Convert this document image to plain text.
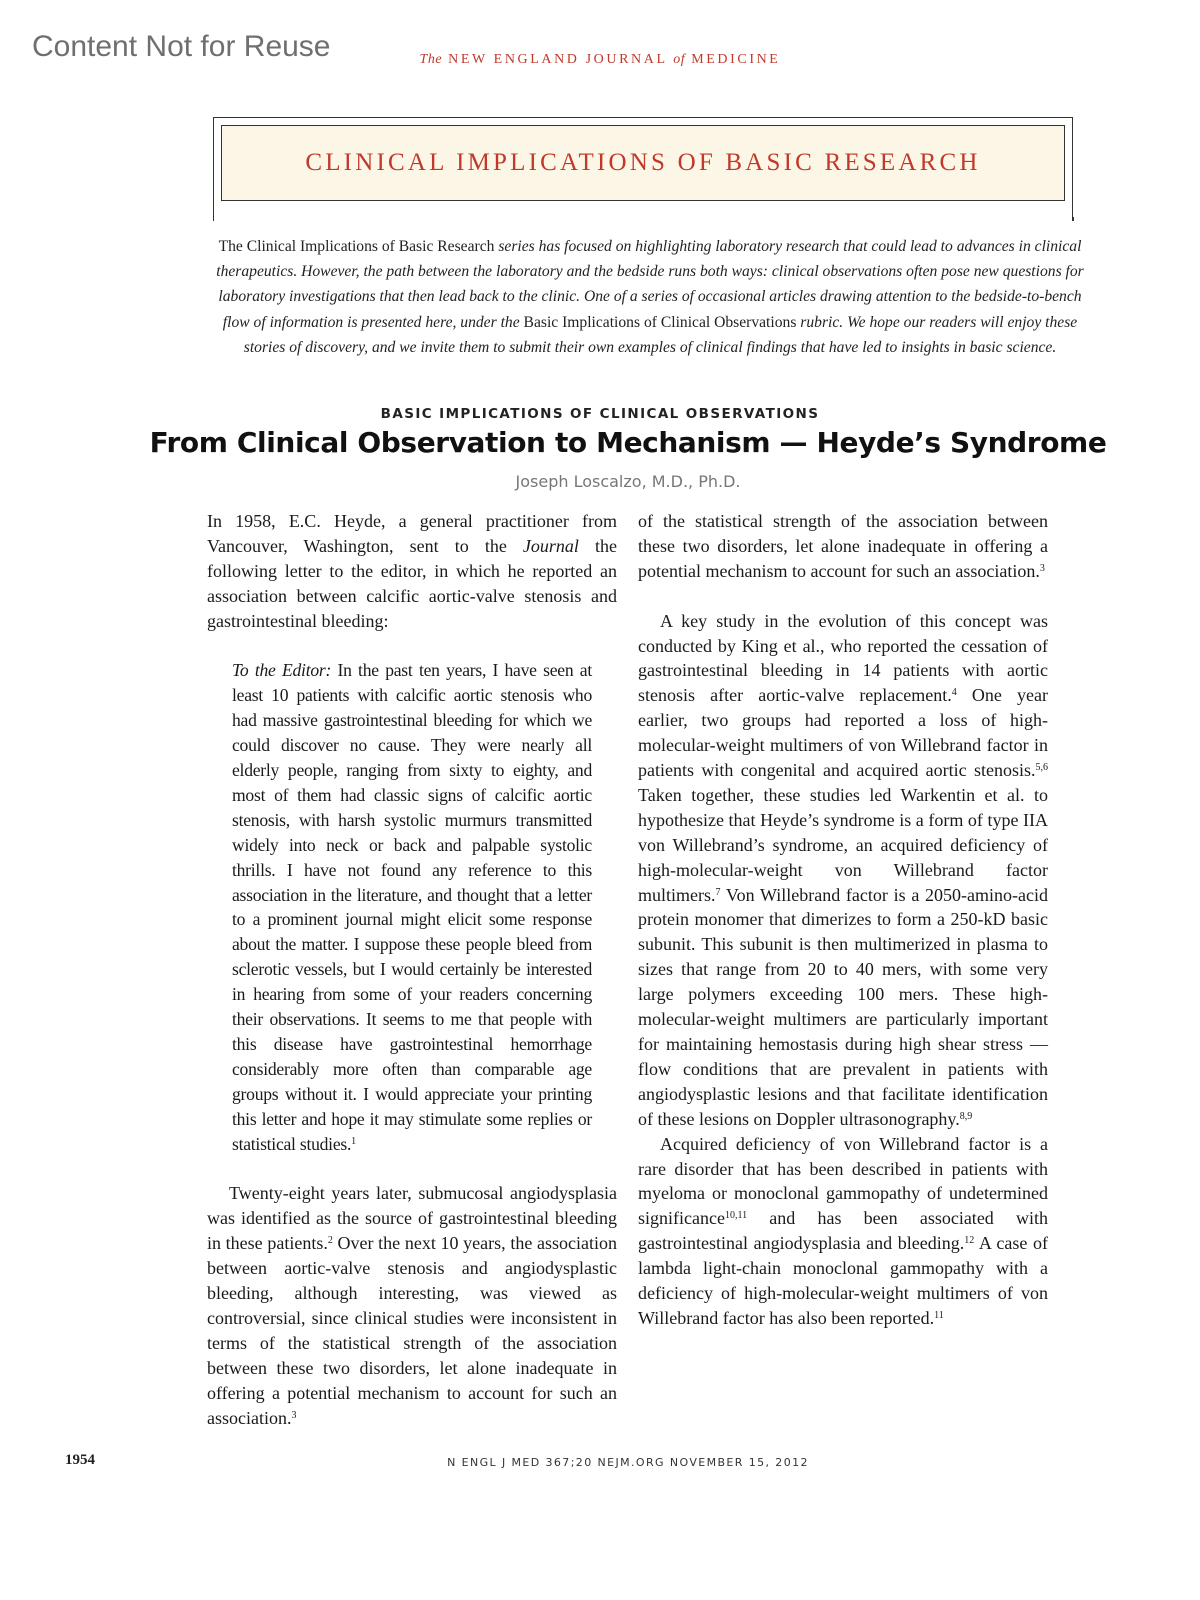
Content Not for Reuse	The NEW ENGLAND JOURNAL of MEDICINE
CLINICAL IMPLICATIONS OF BASIC RESEARCH
The Clinical Implications of Basic Research series has focused on highlighting laboratory research that could lead to advances in clinical therapeutics. However, the path between the laboratory and the bedside runs both ways: clinical observations often pose new questions for laboratory investigations that then lead back to the clinic. One of a series of occasional articles drawing attention to the bedside-to-bench flow of information is presented here, under the Basic Implications of Clinical Observations rubric. We hope our readers will enjoy these stories of discovery, and we invite them to submit their own examples of clinical findings that have led to insights in basic science.
BASIC IMPLICATIONS OF CLINICAL OBSERVATIONS
From Clinical Observation to Mechanism — Heyde’s Syndrome
Joseph Loscalzo, M.D., Ph.D.

In 1958, E.C. Heyde, a general practitioner from Vancouver, Washington, sent to the Journal the following letter to the editor, in which he reported an association between calcific aortic-valve stenosis and gastrointestinal bleeding:

To the Editor: In the past ten years, I have seen at least 10 patients with calcific aortic stenosis who had massive gastrointestinal bleeding for which we could discover no cause. They were nearly all elderly people, ranging from sixty to eighty, and most of them had classic signs of calcific aortic stenosis, with harsh systolic murmurs transmitted widely into neck or back and palpable systolic thrills. I have not found any reference to this association in the literature, and thought that a letter to a prominent journal might elicit some response about the matter. I suppose these people bleed from sclerotic vessels, but I would certainly be interested in hearing from some of your readers concerning their observations. It seems to me that people with this disease have gastrointestinal hemorrhage considerably more often than comparable age groups without it. I would appreciate your printing this letter and hope it may stimulate some replies or statistical studies.$^1$

Twenty-eight years later, submucosal angiodysplasia was identified as the source of gastrointestinal bleeding in these patients.$^2$ Over the next 10 years, the association between aortic-valve stenosis and angiodysplastic bleeding, although interesting, was viewed as controversial, since clinical studies were inconsistent in terms of the statistical strength of the association between these two disorders, let alone inadequate in offering a potential mechanism to account for such an association.$^3$

of the statistical strength of the association between these two disorders, let alone inadequate in offering a potential mechanism to account for such an association.$^3$

A key study in the evolution of this concept was conducted by King et al., who reported the cessation of gastrointestinal bleeding in 14 patients with aortic stenosis after aortic-valve replacement.$^4$ One year earlier, two groups had reported a loss of high-molecular-weight multimers of von Willebrand factor in patients with congenital and acquired aortic stenosis.$^{5,6}$ Taken together, these studies led Warkentin et al. to hypothesize that Heyde’s syndrome is a form of type IIA von Willebrand’s syndrome, an acquired deficiency of high-molecular-weight von Willebrand factor multimers.$^7$ Von Willebrand factor is a 2050-amino-acid protein monomer that dimerizes to form a 250-kD basic subunit. This subunit is then multimerized in plasma to sizes that range from 20 to 40 mers, with some very large polymers exceeding 100 mers. These high-molecular-weight multimers are particularly important for maintaining hemostasis during high shear stress — flow conditions that are prevalent in patients with angiodysplastic lesions and that facilitate identification of these lesions on Doppler ultrasonography.$^{8,9}$

Acquired deficiency of von Willebrand factor is a rare disorder that has been described in patients with myeloma or monoclonal gammopathy of undetermined significance$^{10,11}$ and has been associated with gastrointestinal angiodysplasia and bleeding.$^{12}$ A case of lambda light-chain monoclonal gammopathy with a deficiency of high-molecular-weight multimers of von Willebrand factor has also been reported.$^{11}$

1954	N ENGL J MED 367;20 NEJM.ORG NOVEMBER 15, 2012
